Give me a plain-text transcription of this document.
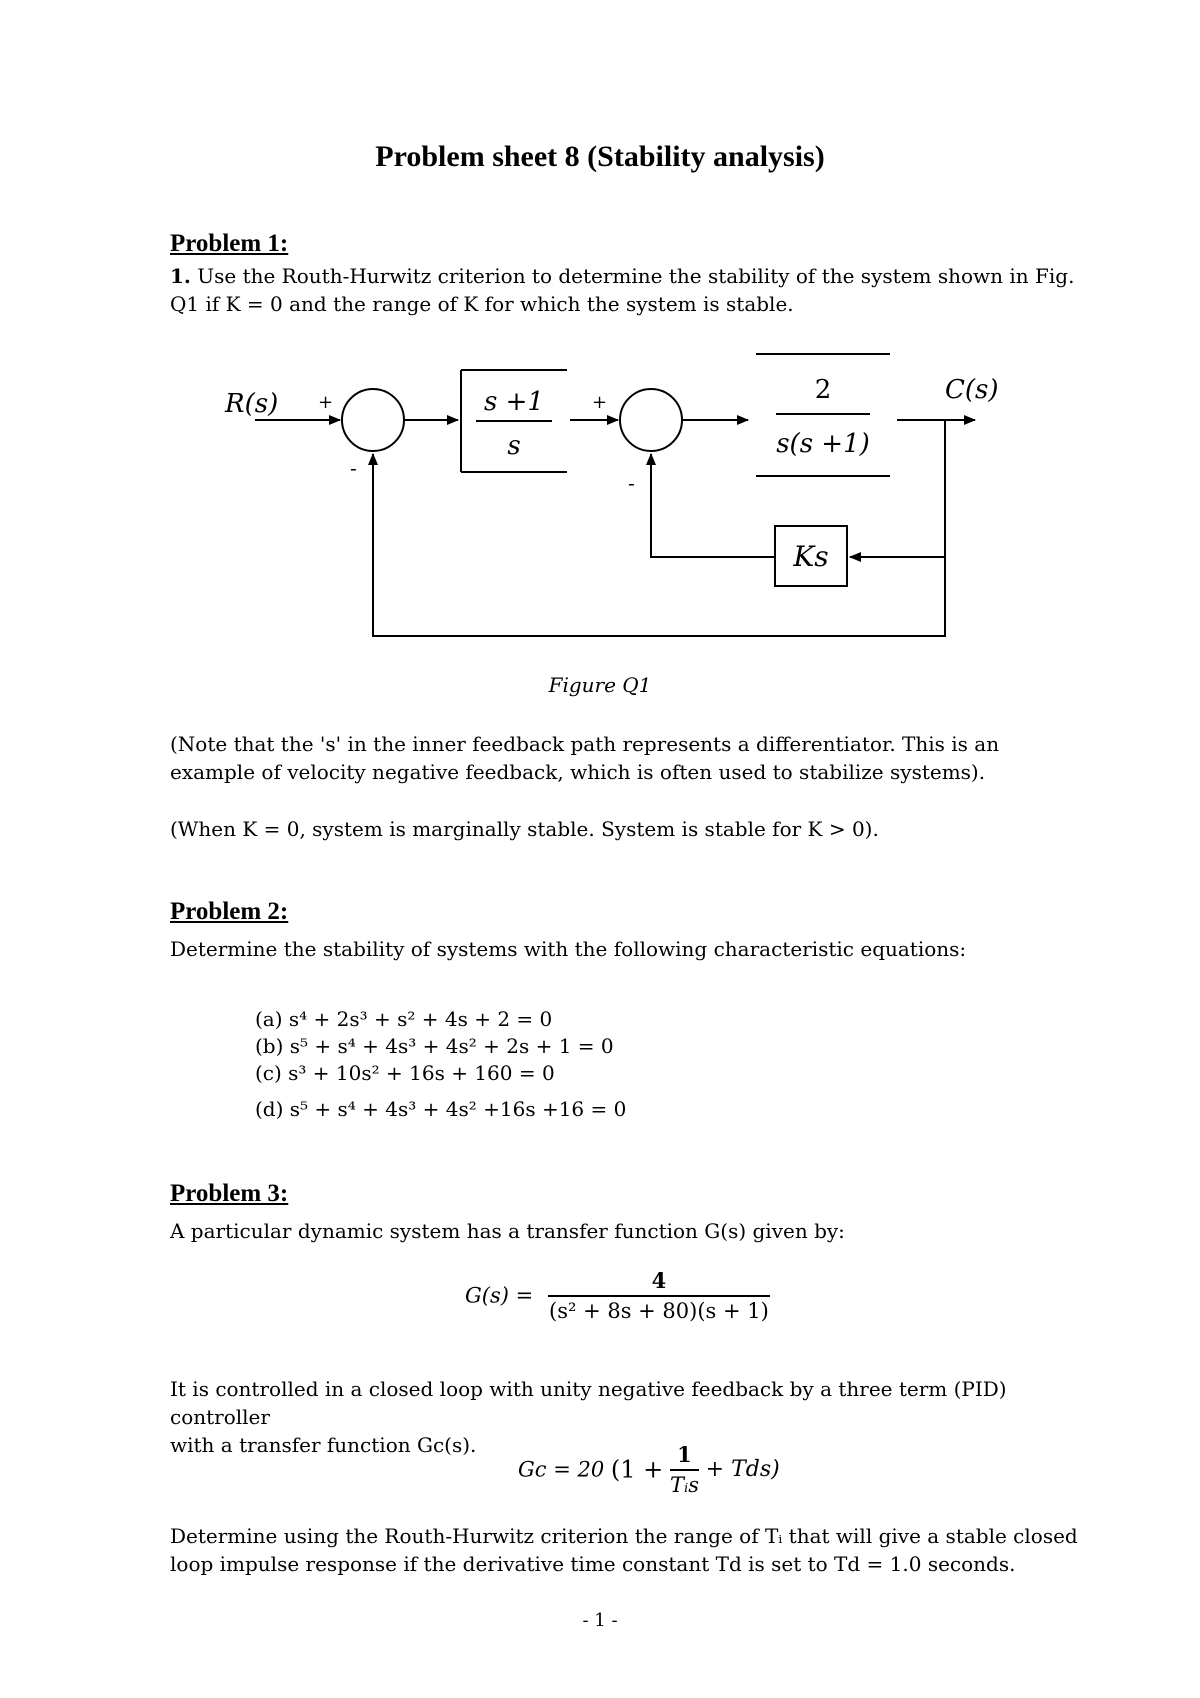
Problem sheet 8 (Stability analysis)
Problem 1:
1. Use the Routh-Hurwitz criterion to determine the stability of the system shown in Fig.
Q1 if K = 0 and the range of K for which the system is stable.
R(s) +
-
s +1
s
+
-
2
s(s +1)
C(s)
Ks
Figure Q1
(Note that the 's' in the inner feedback path represents a differentiator. This is an example of velocity negative feedback, which is often used to stabilize systems).
(When K = 0, system is marginally stable. System is stable for K > 0).
Problem 2:
Determine the stability of systems with the following characteristic equations:
(a) s⁴ + 2s³ + s² + 4s + 2 = 0
(b) s⁵ + s⁴ + 4s³ + 4s² + 2s + 1 = 0
(c) s³ + 10s² + 16s + 160 = 0
(d) s⁵ + s⁴ + 4s³ + 4s² +16s +16 = 0
Problem 3:
A particular dynamic system has a transfer function G(s) given by:
$G(s) = \frac{4}{\text{(s² + 8s + 80)(s + 1)}}$
It is controlled in a closed loop with unity negative feedback by a three term (PID) controller
with a transfer function Gc(s).
Gc = 20 $(1 + \frac{1}{\text{Tᵢs}} + Tds)$
Determine using the Routh-Hurwitz criterion the range of Tᵢ that will give a stable closed
loop impulse response if the derivative time constant Td is set to Td = 1.0 seconds.
- 1 -
